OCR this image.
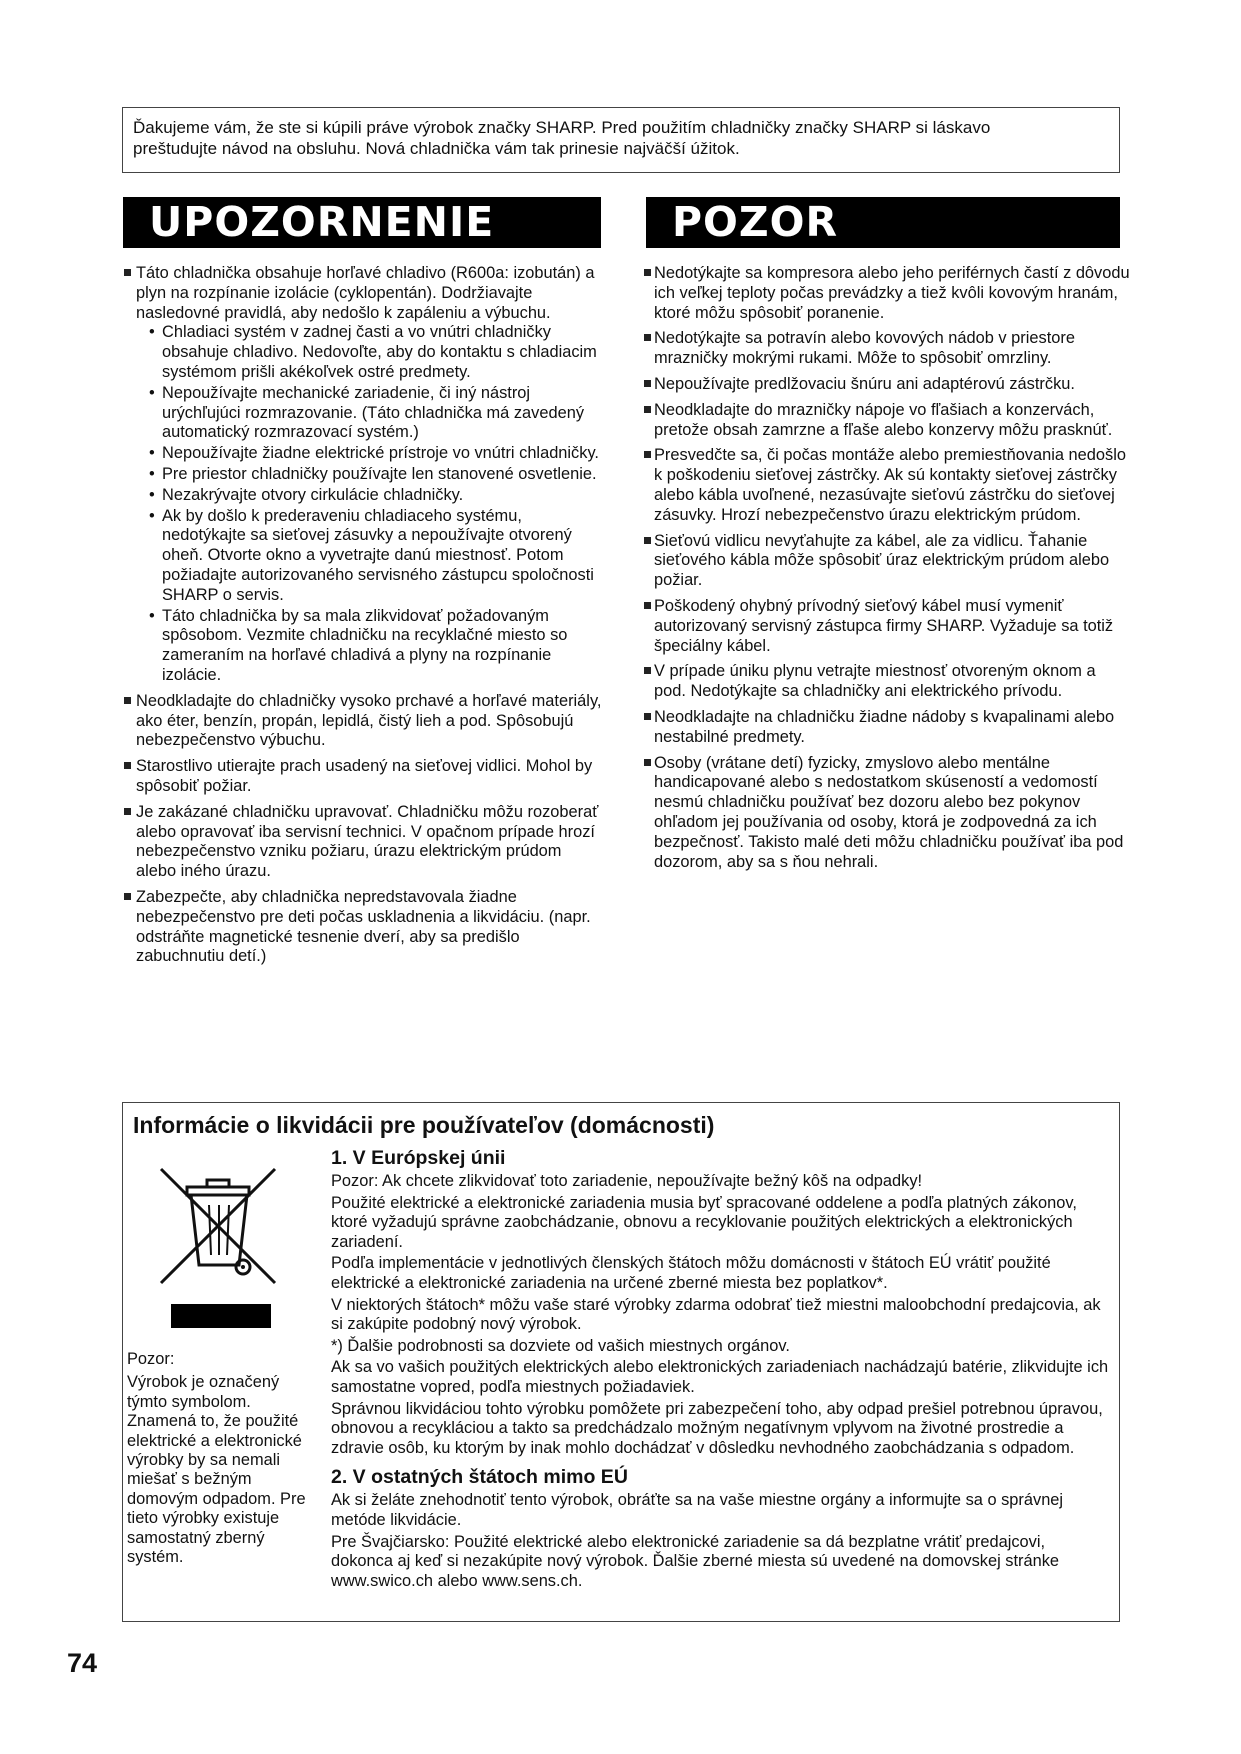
Ďakujeme vám, že ste si kúpili práve výrobok značky SHARP. Pred použitím chladničky značky SHARP si láskavo
preštudujte návod na obsluhu. Nová chladnička vám tak prinesie najväčší úžitok.
UPOZORNENIE	POZOR
Táto chladnička obsahuje horľavé chladivo (R600a: izobután) a plyn na rozpínanie izolácie (cyklopentán). Dodržiavajte nasledovné pravidlá, aby nedošlo k zapáleniu a výbuchu.
• Chladiaci systém v zadnej časti a vo vnútri chladničky obsahuje chladivo. Nedovoľte, aby do kontaktu s chladiacim systémom prišli akékoľvek ostré predmety.
• Nepoužívajte mechanické zariadenie, či iný nástroj urýchľujúci rozmrazovanie. (Táto chladnička má zavedený automatický rozmrazovací systém.)
• Nepoužívajte žiadne elektrické prístroje vo vnútri chladničky.
• Pre priestor chladničky používajte len stanovené osvetlenie.
• Nezakrývajte otvory cirkulácie chladničky.
• Ak by došlo k prederaveniu chladiaceho systému, nedotýkajte sa sieťovej zásuvky a nepoužívajte otvorený oheň. Otvorte okno a vyvetrajte danú miestnosť. Potom požiadajte autorizovaného servisného zástupcu spoločnosti SHARP o servis.
• Táto chladnička by sa mala zlikvidovať požadovaným spôsobom. Vezmite chladničku na recyklačné miesto so zameraním na horľavé chladivá a plyny na rozpínanie izolácie.
Neodkladajte do chladničky vysoko prchavé a horľavé materiály, ako éter, benzín, propán, lepidlá, čistý lieh a pod. Spôsobujú nebezpečenstvo výbuchu.
Starostlivo utierajte prach usadený na sieťovej vidlici. Mohol by spôsobiť požiar.
Je zakázané chladničku upravovať. Chladničku môžu rozoberať alebo opravovať iba servisní technici. V opačnom prípade hrozí nebezpečenstvo vzniku požiaru, úrazu elektrickým prúdom alebo iného úrazu.
Zabezpečte, aby chladnička nepredstavovala žiadne nebezpečenstvo pre deti počas uskladnenia a likvidáciu. (napr. odstráňte magnetické tesnenie dverí, aby sa predišlo zabuchnutiu detí.)
Nedotýkajte sa kompresora alebo jeho periférnych častí z dôvodu ich veľkej teploty počas prevádzky a tiež kvôli kovovým hranám, ktoré môžu spôsobiť poranenie.
Nedotýkajte sa potravín alebo kovových nádob v priestore mrazničky mokrými rukami. Môže to spôsobiť omrzliny.
Nepoužívajte predlžovaciu šnúru ani adaptérovú zástrčku.
Neodkladajte do mrazničky nápoje vo fľašiach a konzervách, pretože obsah zamrzne a fľaše alebo konzervy môžu prasknúť.
Presvedčte sa, či počas montáže alebo premiestňovania nedošlo k poškodeniu sieťovej zástrčky. Ak sú kontakty sieťovej zástrčky alebo kábla uvoľnené, nezasúvajte sieťovú zástrčku do sieťovej zásuvky. Hrozí nebezpečenstvo úrazu elektrickým prúdom.
Sieťovú vidlicu nevyťahujte za kábel, ale za vidlicu. Ťahanie sieťového kábla môže spôsobiť úraz elektrickým prúdom alebo požiar.
Poškodený ohybný prívodný sieťový kábel musí vymeniť autorizovaný servisný zástupca firmy SHARP. Vyžaduje sa totiž špeciálny kábel.
V prípade úniku plynu vetrajte miestnosť otvoreným oknom a pod. Nedotýkajte sa chladničky ani elektrického prívodu.
Neodkladajte na chladničku žiadne nádoby s kvapalinami alebo nestabilné predmety.
Osoby (vrátane detí) fyzicky, zmyslovo alebo mentálne handicapované alebo s nedostatkom skúseností a vedomostí nesmú chladničku používať bez dozoru alebo bez pokynov ohľadom jej používania od osoby, ktorá je zodpovedná za ich bezpečnosť. Takisto malé deti môžu chladničku používať iba pod dozorom, aby sa s ňou nehrali.
Informácie o likvidácii pre používateľov (domácnosti)

Pozor:

Výrobok je označený týmto symbolom. Znamená to, že použité elektrické a elektronické výrobky by sa nemali miešať s bežným domovým odpadom. Pre tieto výrobky existuje samostatný zberný systém.

1. V Európskej únii

Pozor: Ak chcete zlikvidovať toto zariadenie, nepoužívajte bežný kôš na odpadky!

Použité elektrické a elektronické zariadenia musia byť spracované oddelene a podľa platných zákonov, ktoré vyžadujú správne zaobchádzanie, obnovu a recyklovanie použitých elektrických a elektronických zariadení.

Podľa implementácie v jednotlivých členských štátoch môžu domácnosti v štátoch EÚ vrátiť použité elektrické a elektronické zariadenia na určené zberné miesta bez poplatkov*.

V niektorých štátoch* môžu vaše staré výrobky zdarma odobrať tiež miestni maloobchodní predajcovia, ak si zakúpite podobný nový výrobok.

*) Ďalšie podrobnosti sa dozviete od vašich miestnych orgánov.

Ak sa vo vašich použitých elektrických alebo elektronických zariadeniach nachádzajú batérie, zlikvidujte ich samostatne vopred, podľa miestnych požiadaviek.

Správnou likvidáciou tohto výrobku pomôžete pri zabezpečení toho, aby odpad prešiel potrebnou úpravou, obnovou a recykláciou a takto sa predchádzalo možným negatívnym vplyvom na životné prostredie a zdravie osôb, ku ktorým by inak mohlo dochádzať v dôsledku nevhodného zaobchádzania s odpadom.

2. V ostatných štátoch mimo EÚ

Ak si želáte znehodnotiť tento výrobok, obráťte sa na vaše miestne orgány a informujte sa o správnej metóde likvidácie.

Pre Švajčiarsko: Použité elektrické alebo elektronické zariadenie sa dá bezplatne vrátiť predajcovi, dokonca aj keď si nezakúpite nový výrobok. Ďalšie zberné miesta sú uvedené na domovskej stránke www.swico.ch alebo www.sens.ch.

74
